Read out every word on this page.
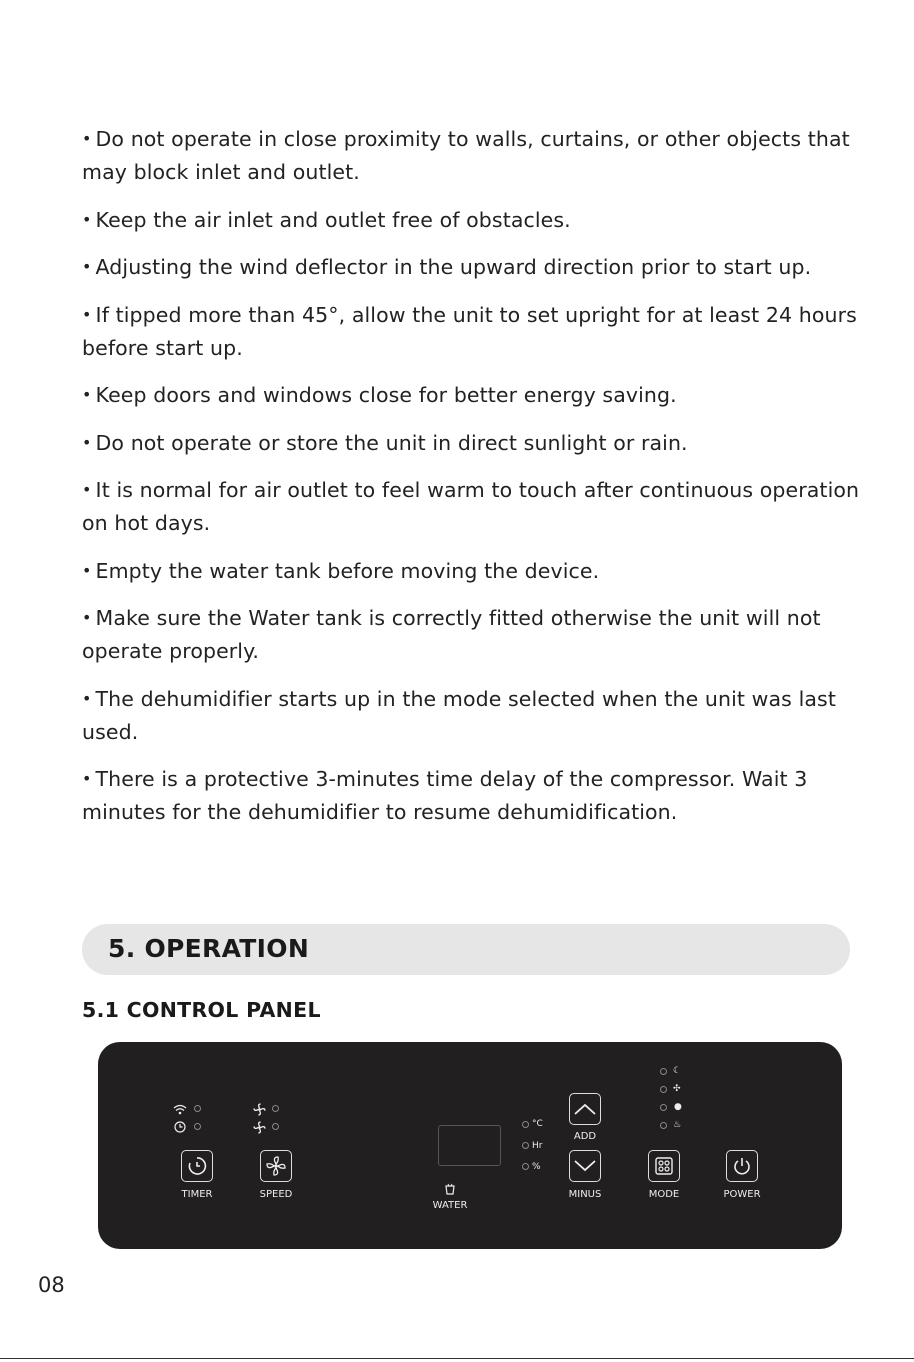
• Do not operate in close proximity to walls, curtains, or other objects that may block inlet and outlet.
• Keep the air inlet and outlet free of obstacles.
• Adjusting the wind deflector in the upward direction prior to start up.
• If tipped more than 45°, allow the unit to set upright for at least 24 hours before start up.
• Keep doors and windows close for better energy saving.
• Do not operate or store the unit in direct sunlight or rain.
• It is normal for air outlet to feel warm to touch after continuous operation on hot days.
• Empty the water tank before moving the device.
• Make sure the Water tank is correctly fitted otherwise the unit will not operate properly.
• The dehumidifier starts up in the mode selected when the unit was last used.
• There is a protective 3-minutes time delay of the compressor. Wait 3 minutes for the dehumidifier to resume dehumidification.
5. OPERATION
5.1 CONTROL PANEL
TIMER	SPEED
WATER
°C
Hr
%
ADD
MINUS
☾
✣
●
♨
MODE	POWER
08
